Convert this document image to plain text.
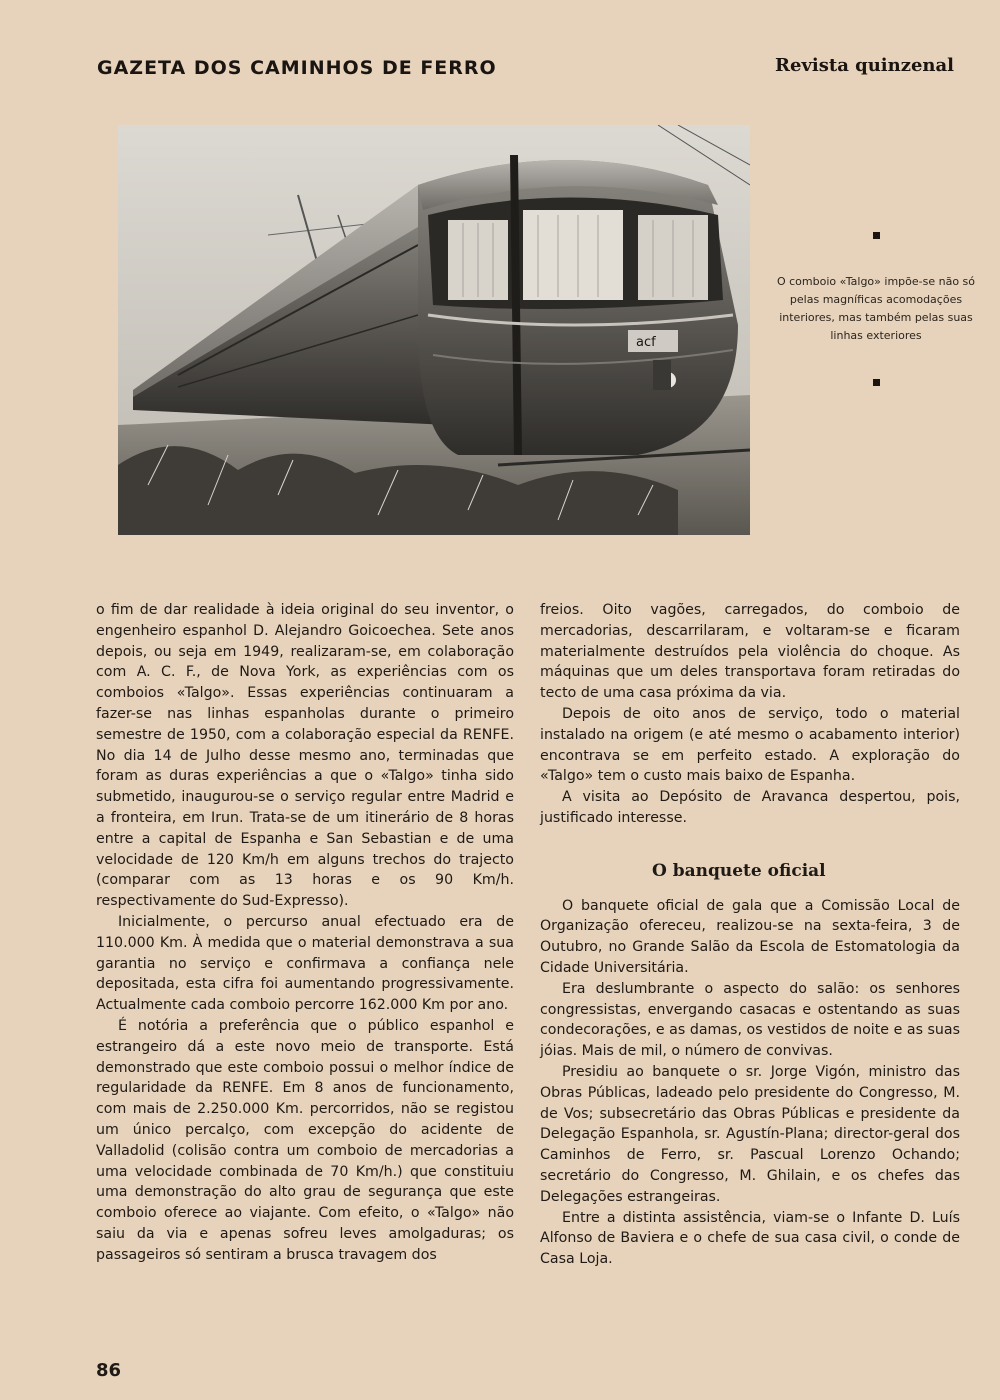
GAZETA DOS CAMINHOS DE FERRO	Revista quinzenal
acf
O comboio «Talgo» impõe-se não só pelas magníficas acomodações interiores, mas também pelas suas linhas exteriores

o fim de dar realidade à ideia original do seu inventor, o engenheiro espanhol D. Alejandro Goicoechea. Sete anos depois, ou seja em 1949, realizaram-se, em colaboração com A. C. F., de Nova York, as experiências com os comboios «Talgo». Essas experiências continuaram a fazer-se nas linhas espanholas durante o primeiro semestre de 1950, com a colaboração especial da RENFE. No dia 14 de Julho desse mesmo ano, terminadas que foram as duras experiências a que o «Talgo» tinha sido submetido, inaugurou-se o serviço regular entre Madrid e a fronteira, em Irun. Trata-se de um itinerário de 8 horas entre a capital de Espanha e San Sebastian e de uma velocidade de 120 Km/h em alguns trechos do trajecto (comparar com as 13 horas e os 90 Km/h. respectivamente do Sud-Expresso).

Inicialmente, o percurso anual efectuado era de 110.000 Km. À medida que o material demonstrava a sua garantia no serviço e confirmava a confiança nele depositada, esta cifra foi aumentando progressivamente. Actualmente cada comboio percorre 162.000 Km por ano.

É notória a preferência que o público espanhol e estrangeiro dá a este novo meio de transporte. Está demonstrado que este comboio possui o melhor índice de regularidade da RENFE. Em 8 anos de funcionamento, com mais de 2.250.000 Km. percorridos, não se registou um único percalço, com excepção do acidente de Valladolid (colisão contra um comboio de mercadorias a uma velocidade combinada de 70 Km/h.) que constituiu uma demonstração do alto grau de segurança que este comboio oferece ao viajante. Com efeito, o «Talgo» não saiu da via e apenas sofreu leves amolgaduras; os passageiros só sentiram a brusca travagem dos

freios. Oito vagões, carregados, do comboio de mercadorias, descarrilaram, e voltaram-se e ficaram materialmente destruídos pela violência do choque. As máquinas que um deles transportava foram retiradas do tecto de uma casa próxima da via.

Depois de oito anos de serviço, todo o material instalado na origem (e até mesmo o acabamento interior) encontrava se em perfeito estado. A exploração do «Talgo» tem o custo mais baixo de Espanha.

A visita ao Depósito de Aravanca despertou, pois, justificado interesse.

O banquete oficial

O banquete oficial de gala que a Comissão Local de Organização ofereceu, realizou-se na sexta-feira, 3 de Outubro, no Grande Salão da Escola de Estomatologia da Cidade Universitária.

Era deslumbrante o aspecto do salão: os senhores congressistas, envergando casacas e ostentando as suas condecorações, e as damas, os vestidos de noite e as suas jóias. Mais de mil, o número de convivas.

Presidiu ao banquete o sr. Jorge Vigón, ministro das Obras Públicas, ladeado pelo presidente do Congresso, M. de Vos; subsecretário das Obras Públicas e presidente da Delegação Espanhola, sr. Agustín-Plana; director-geral dos Caminhos de Ferro, sr. Pascual Lorenzo Ochando; secretário do Congresso, M. Ghilain, e os chefes das Delegações estrangeiras.

Entre a distinta assistência, viam-se o Infante D. Luís Alfonso de Baviera e o chefe de sua casa civil, o conde de Casa Loja.

86
